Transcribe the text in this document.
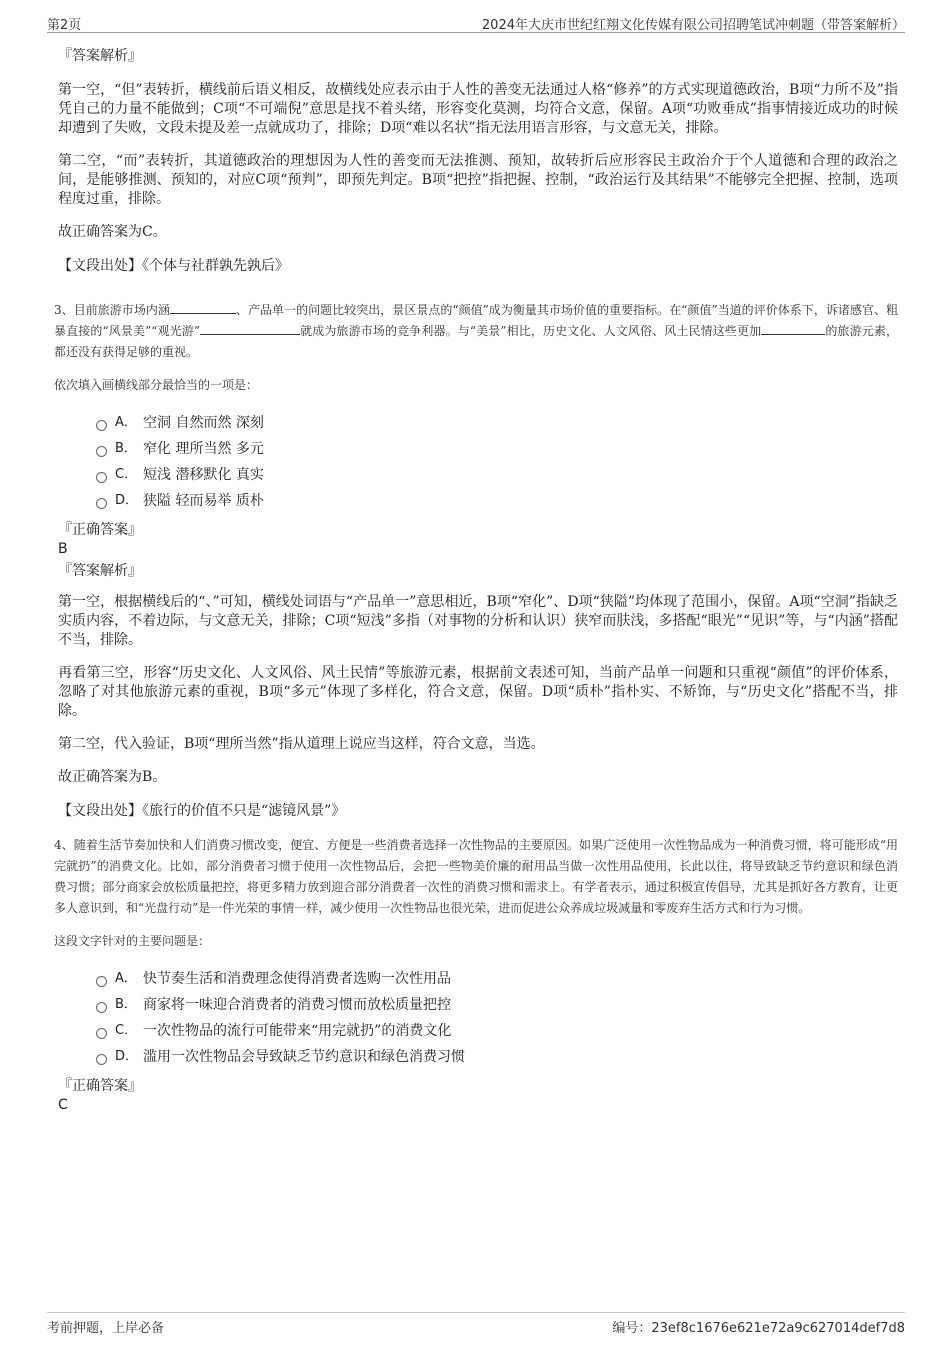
第2页	2024年大庆市世纪红翔文化传媒有限公司招聘笔试冲刺题（带答案解析）

『答案解析』

第一空，“但”表转折，横线前后语义相反，故横线处应表示由于人性的善变无法通过人格“修养”的方式实现道德政治，B项“力所不及”指凭自己的力量不能做到；C项“不可端倪”意思是找不着头绪，形容变化莫测，均符合文意，保留。A项“功败垂成”指事情接近成功的时候却遭到了失败，文段未提及差一点就成功了，排除；D项“难以名状”指无法用语言形容，与文意无关，排除。

第二空，“而”表转折，其道德政治的理想因为人性的善变而无法推测、预知，故转折后应形容民主政治介于个人道德和合理的政治之间，是能够推测、预知的，对应C项“预判”，即预先判定。B项“把控”指把握、控制，“政治运行及其结果”不能够完全把握、控制，选项程度过重，排除。

故正确答案为C。

【文段出处】《个体与社群孰先孰后》

3、目前旅游市场内涵	、产品单一的问题比较突出，景区景点的“颜值”成为衡量其市场价值的重要指标。在“颜值”当道的评价体系下，诉诸感官、粗暴直接的“风景美”“观光游”	就成为旅游市场的竞争利器。与“美景”相比，历史文化、人文风俗、风土民情这些更加	的旅游元素，都还没有获得足够的重视。

依次填入画横线部分最恰当的一项是：

A． 空洞 自然而然 深刻
B． 窄化 理所当然 多元
C． 短浅 潜移默化 真实
D． 狭隘 轻而易举 质朴

『正确答案』

B

『答案解析』

第一空，根据横线后的“、”可知，横线处词语与“产品单一”意思相近，B项“窄化”、D项“狭隘”均体现了范围小，保留。A项“空洞”指缺乏实质内容，不着边际，与文意无关，排除；C项“短浅”多指（对事物的分析和认识）狭窄而肤浅，多搭配“眼光”“见识”等，与“内涵”搭配不当，排除。

再看第三空，形容“历史文化、人文风俗、风土民情”等旅游元素，根据前文表述可知，当前产品单一问题和只重视“颜值”的评价体系，忽略了对其他旅游元素的重视，B项“多元”体现了多样化，符合文意，保留。D项“质朴”指朴实、不矫饰，与“历史文化”搭配不当，排除。

第二空，代入验证，B项“理所当然”指从道理上说应当这样，符合文意，当选。

故正确答案为B。

【文段出处】《旅行的价值不只是“滤镜风景”》

4、随着生活节奏加快和人们消费习惯改变，便宜、方便是一些消费者选择一次性物品的主要原因。如果广泛使用一次性物品成为一种消费习惯，将可能形成“用完就扔”的消费文化。比如，部分消费者习惯于使用一次性物品后，会把一些物美价廉的耐用品当做一次性用品使用，长此以往，将导致缺乏节约意识和绿色消费习惯；部分商家会放松质量把控，将更多精力放到迎合部分消费者一次性的消费习惯和需求上。有学者表示，通过积极宣传倡导，尤其是抓好各方教育，让更多人意识到，和“光盘行动”是一件光荣的事情一样，减少使用一次性物品也很光荣，进而促进公众养成垃圾减量和零废弃生活方式和行为习惯。

这段文字针对的主要问题是：

A． 快节奏生活和消费理念使得消费者选购一次性用品
B． 商家将一味迎合消费者的消费习惯而放松质量把控
C． 一次性物品的流行可能带来“用完就扔”的消费文化
D． 滥用一次性物品会导致缺乏节约意识和绿色消费习惯

『正确答案』

C

考前押题，上岸必备	编号：23ef8c1676e621e72a9c627014def7d8
